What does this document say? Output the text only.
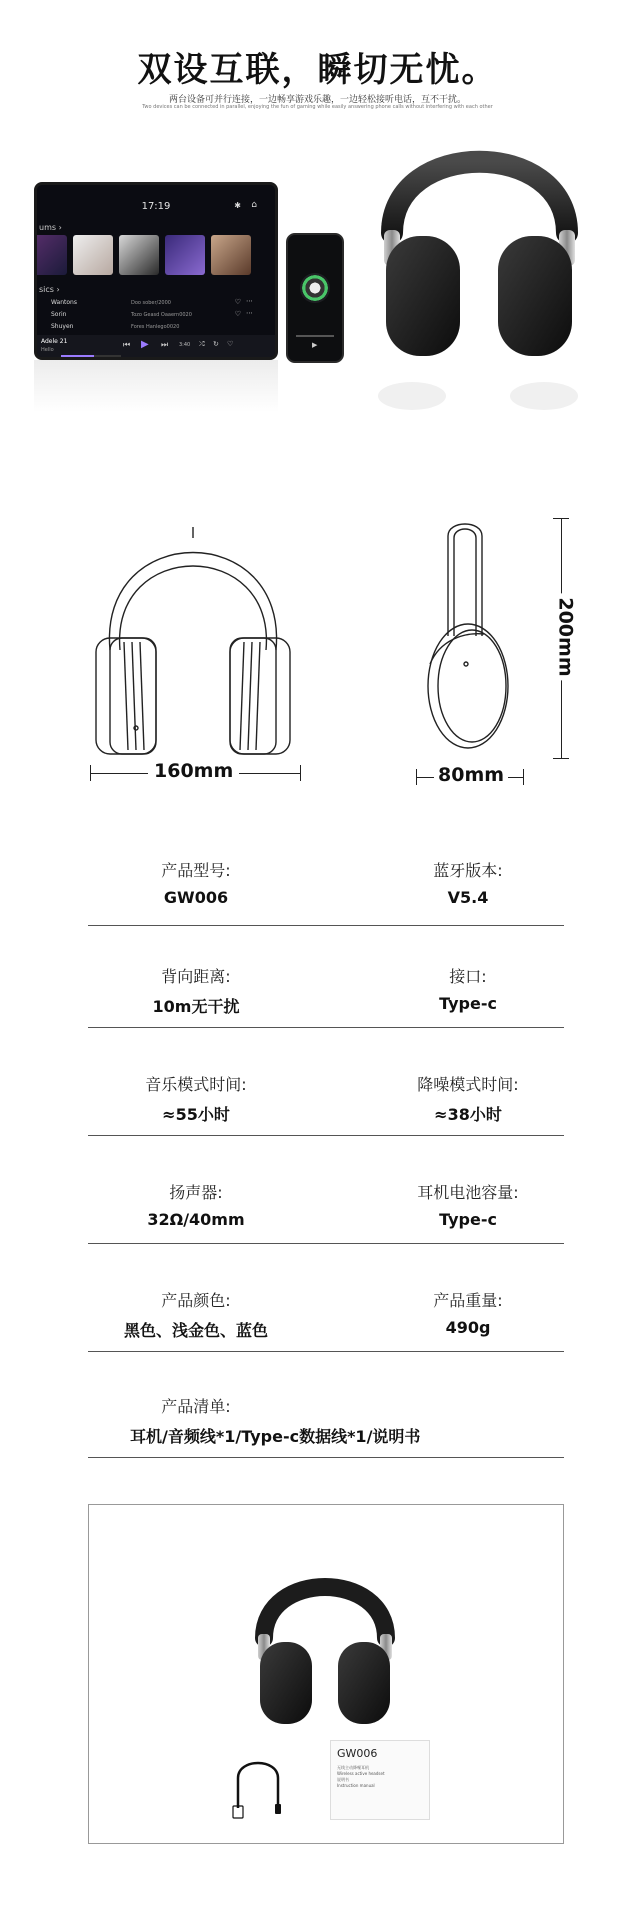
双设互联，瞬切无忧。
两台设备可并行连接，一边畅享游戏乐趣，一边轻松接听电话，互不干扰。
Two devices can be connected in parallel, enjoying the fun of gaming while easily answering phone calls without interfering with each other
17:19	✱ ⌂
ums ›
sics ›
Wantons	Doo sober/2000
Sorin	Tozo Geasd Oaaern0020
Shuyen	Fores Hanlego0020
♡ ⋯
♡ ⋯
Adele 21
Hello
⏮ ▶ ⏭ 3:40 ⤮ ↻ ♡	▶
160mm	80mm
200mm
产品型号:
GW006
蓝牙版本:
V5.4
背向距离:
10m无干扰
接口:
Type-c
音乐模式时间:
≈55小时
降噪模式时间:
≈38小时
扬声器:
32Ω/40mm
耳机电池容量:
Type-c
产品颜色:
黑色、浅金色、蓝色
产品重量:
490g
产品清单:
耳机/音频线*1/Type-c数据线*1/说明书
GW006
无线主动降噪耳机
Wireless active headset
说明书
Instruction manual
